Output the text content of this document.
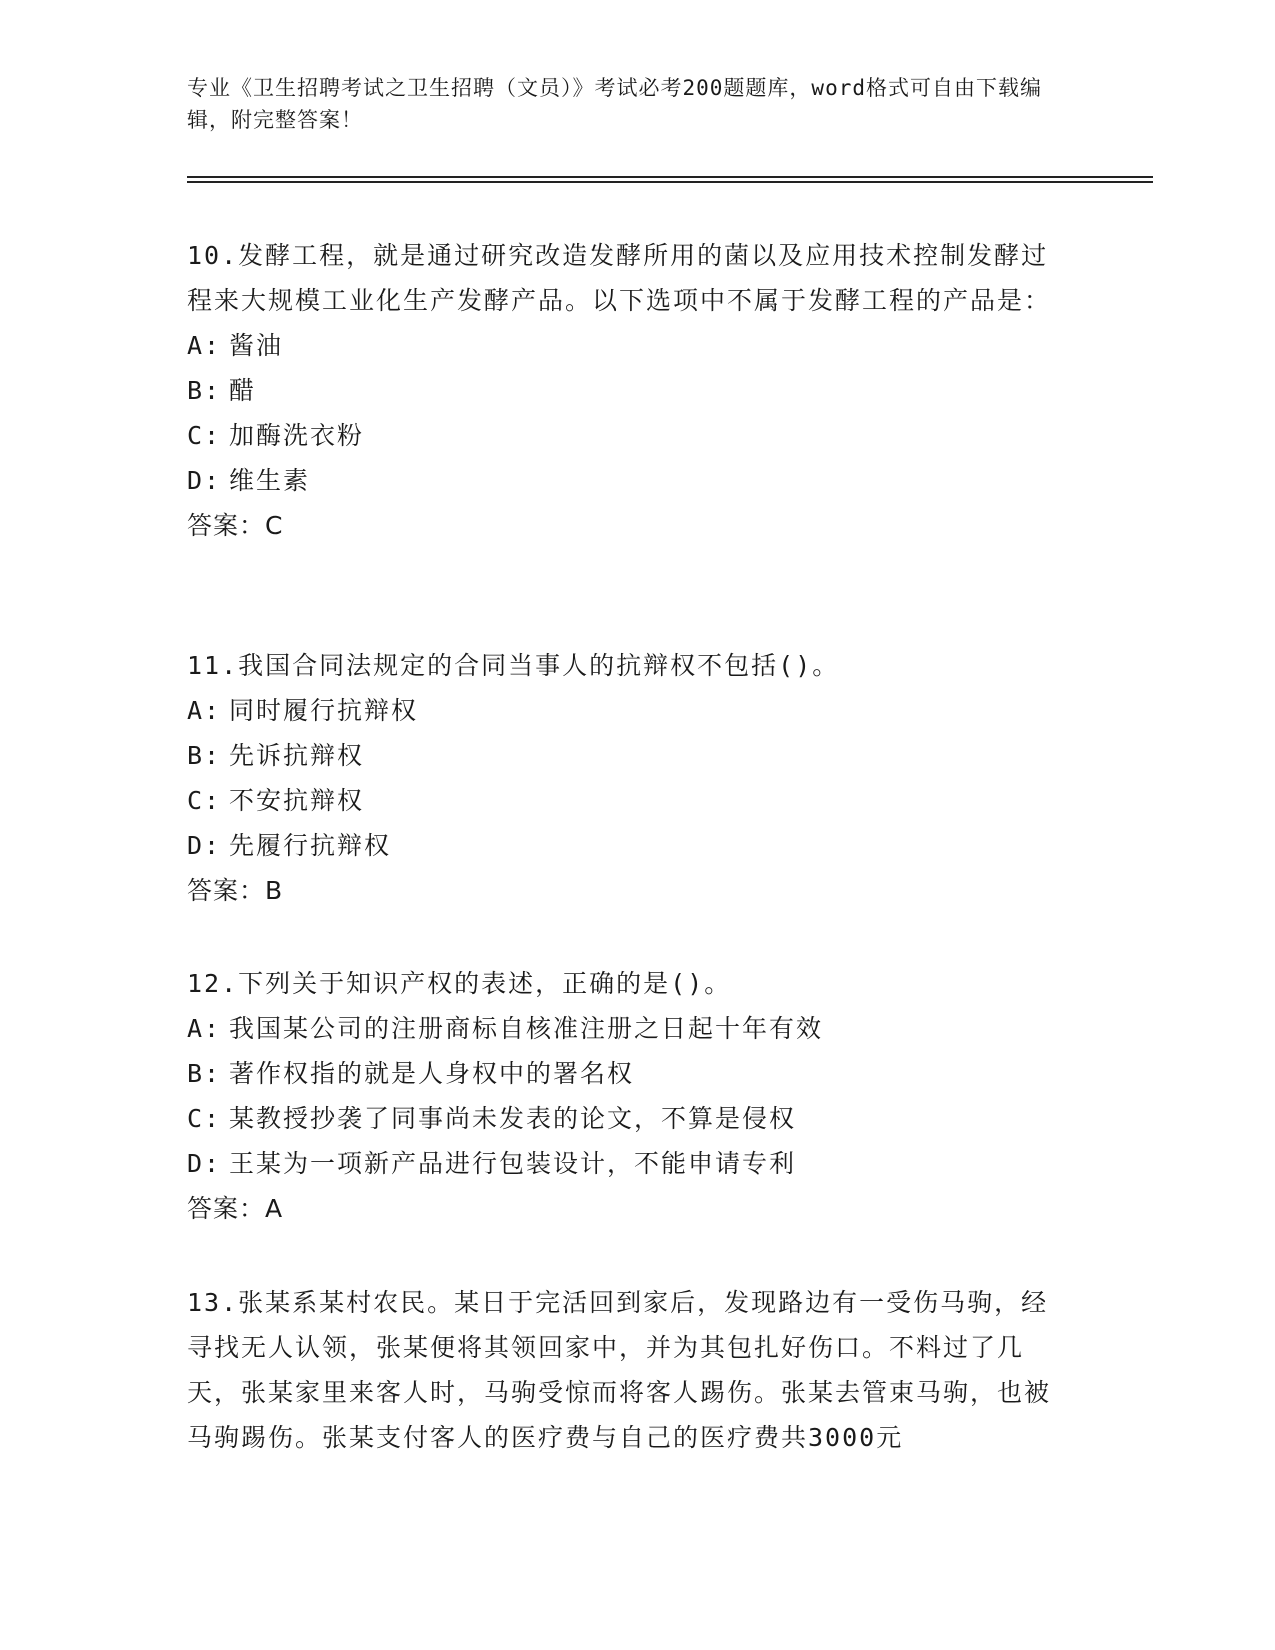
专业《卫生招聘考试之卫生招聘（文员）》考试必考200题题库，word格式可自由下载编辑，附完整答案！

10.发酵工程，就是通过研究改造发酵所用的菌以及应用技术控制发酵过程来大规模工业化生产发酵产品。以下选项中不属于发酵工程的产品是：

A: 酱油

B: 醋

C: 加酶洗衣粉

D: 维生素

答案：C

11.我国合同法规定的合同当事人的抗辩权不包括()。

A: 同时履行抗辩权

B: 先诉抗辩权

C: 不安抗辩权

D: 先履行抗辩权

答案：B

12.下列关于知识产权的表述，正确的是()。

A: 我国某公司的注册商标自核准注册之日起十年有效

B: 著作权指的就是人身权中的署名权

C: 某教授抄袭了同事尚未发表的论文，不算是侵权

D: 王某为一项新产品进行包装设计，不能申请专利

答案：A

13.张某系某村农民。某日于完活回到家后，发现路边有一受伤马驹，经寻找无人认领，张某便将其领回家中，并为其包扎好伤口。不料过了几天，张某家里来客人时，马驹受惊而将客人踢伤。张某去管束马驹，也被马驹踢伤。张某支付客人的医疗费与自己的医疗费共3000元
